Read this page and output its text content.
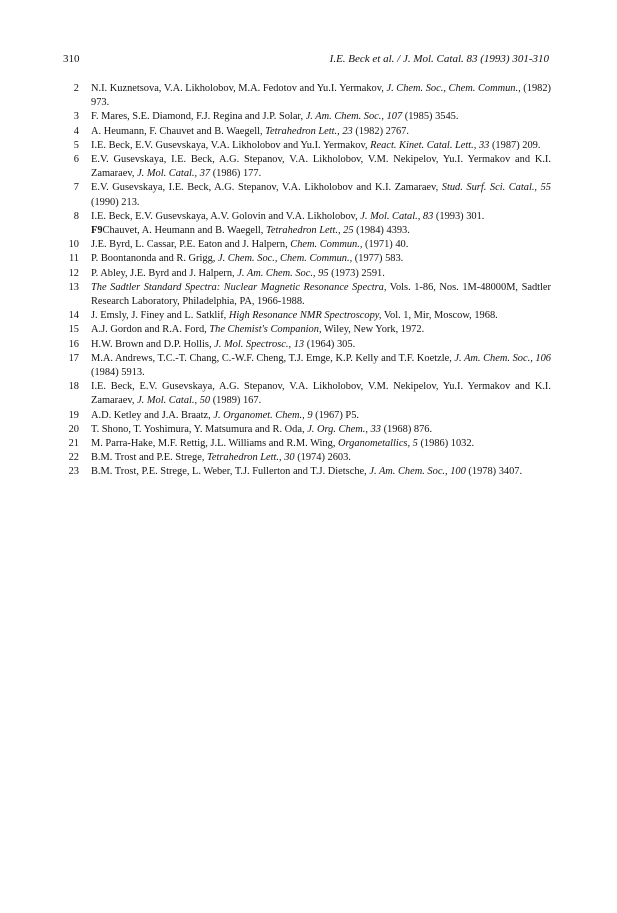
310	I.E. Beck et al. / J. Mol. Catal. 83 (1993) 301-310
2 N.I. Kuznetsova, V.A. Likholobov, M.A. Fedotov and Yu.I. Yermakov, J. Chem. Soc., Chem. Commun., (1982) 973.
3 F. Mares, S.E. Diamond, F.J. Regina and J.P. Solar, J. Am. Chem. Soc., 107 (1985) 3545.
4 A. Heumann, F. Chauvet and B. Waegell, Tetrahedron Lett., 23 (1982) 2767.
5 I.E. Beck, E.V. Gusevskaya, V.A. Likholobov and Yu.I. Yermakov, React. Kinet. Catal. Lett., 33 (1987) 209.
6 E.V. Gusevskaya, I.E. Beck, A.G. Stepanov, V.A. Likholobov, V.M. Nekipelov, Yu.I. Yermakov and K.I. Zamaraev, J. Mol. Catal., 37 (1986) 177.
7 E.V. Gusevskaya, I.E. Beck, A.G. Stepanov, V.A. Likholobov and K.I. Zamaraev, Stud. Surf. Sci. Catal., 55 (1990) 213.
8 I.E. Beck, E.V. Gusevskaya, A.V. Golovin and V.A. Likholobov, J. Mol. Catal., 83 (1993) 301.
F9Chauvet, A. Heumann and B. Waegell, Tetrahedron Lett., 25 (1984) 4393.
10 J.E. Byrd, L. Cassar, P.E. Eaton and J. Halpern, Chem. Commun., (1971) 40.
11 P. Boontanonda and R. Grigg, J. Chem. Soc., Chem. Commun., (1977) 583.
12 P. Abley, J.E. Byrd and J. Halpern, J. Am. Chem. Soc., 95 (1973) 2591.
13 The Sadtler Standard Spectra: Nuclear Magnetic Resonance Spectra, Vols. 1-86, Nos. 1M-48000M, Sadtler Research Laboratory, Philadelphia, PA, 1966-1988.
14 J. Emsly, J. Finey and L. Satklif, High Resonance NMR Spectroscopy, Vol. 1, Mir, Moscow, 1968.
15 A.J. Gordon and R.A. Ford, The Chemist's Companion, Wiley, New York, 1972.
16 H.W. Brown and D.P. Hollis, J. Mol. Spectrosc., 13 (1964) 305.
17 M.A. Andrews, T.C.-T. Chang, C.-W.F. Cheng, T.J. Emge, K.P. Kelly and T.F. Koetzle, J. Am. Chem. Soc., 106 (1984) 5913.
18 I.E. Beck, E.V. Gusevskaya, A.G. Stepanov, V.A. Likholobov, V.M. Nekipelov, Yu.I. Yermakov and K.I. Zamaraev, J. Mol. Catal., 50 (1989) 167.
19 A.D. Ketley and J.A. Braatz, J. Organomet. Chem., 9 (1967) P5.
20 T. Shono, T. Yoshimura, Y. Matsumura and R. Oda, J. Org. Chem., 33 (1968) 876.
21 M. Parra-Hake, M.F. Rettig, J.L. Williams and R.M. Wing, Organometallics, 5 (1986) 1032.
22 B.M. Trost and P.E. Strege, Tetrahedron Lett., 30 (1974) 2603.
23 B.M. Trost, P.E. Strege, L. Weber, T.J. Fullerton and T.J. Dietsche, J. Am. Chem. Soc., 100 (1978) 3407.
